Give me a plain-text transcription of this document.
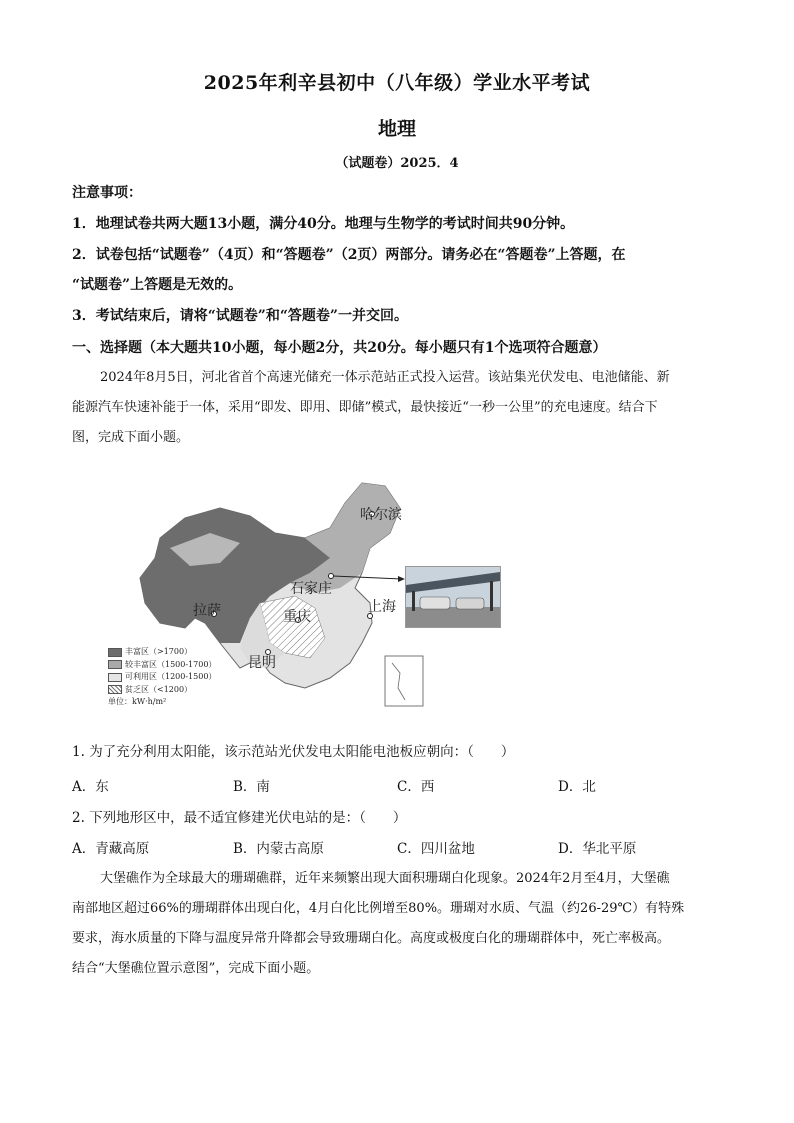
2025年利辛县初中（八年级）学业水平考试
地理
（试题卷）2025．4
注意事项：
1．地理试卷共两大题13小题，满分40分。地理与生物学的考试时间共90分钟。
2．试卷包括“试题卷”（4页）和“答题卷”（2页）两部分。请务必在“答题卷”上答题，在
“试题卷”上答题是无效的。
3．考试结束后，请将“试题卷”和“答题卷”一并交回。
一、选择题（本大题共10小题，每小题2分，共20分。每小题只有1个选项符合题意）
2024年8月5日，河北省首个高速光储充一体示范站正式投入运营。该站集光伏发电、电池储能、新
能源汽车快速补能于一体，采用“即发、即用、即储”模式，最快接近“一秒一公里”的充电速度。结合下
图，完成下面小题。
哈尔滨
石家庄
拉萨	重庆
上海
昆明
丰富区（>1700）
较丰富区（1500-1700）
可利用区（1200-1500）
贫乏区（<1200）
单位：kW·h/m²
1. 为了充分利用太阳能，该示范站光伏发电太阳能电池板应朝向：（　　）
A．东	B．南	C．西	D．北
2. 下列地形区中，最不适宜修建光伏电站的是：（　　）
A．青藏高原	B．内蒙古高原	C．四川盆地	D．华北平原
大堡礁作为全球最大的珊瑚礁群，近年来频繁出现大面积珊瑚白化现象。2024年2月至4月，大堡礁
南部地区超过66%的珊瑚群体出现白化，4月白化比例增至80%。珊瑚对水质、气温（约26-29℃）有特殊
要求，海水质量的下降与温度异常升降都会导致珊瑚白化。高度或极度白化的珊瑚群体中，死亡率极高。
结合“大堡礁位置示意图”，完成下面小题。
